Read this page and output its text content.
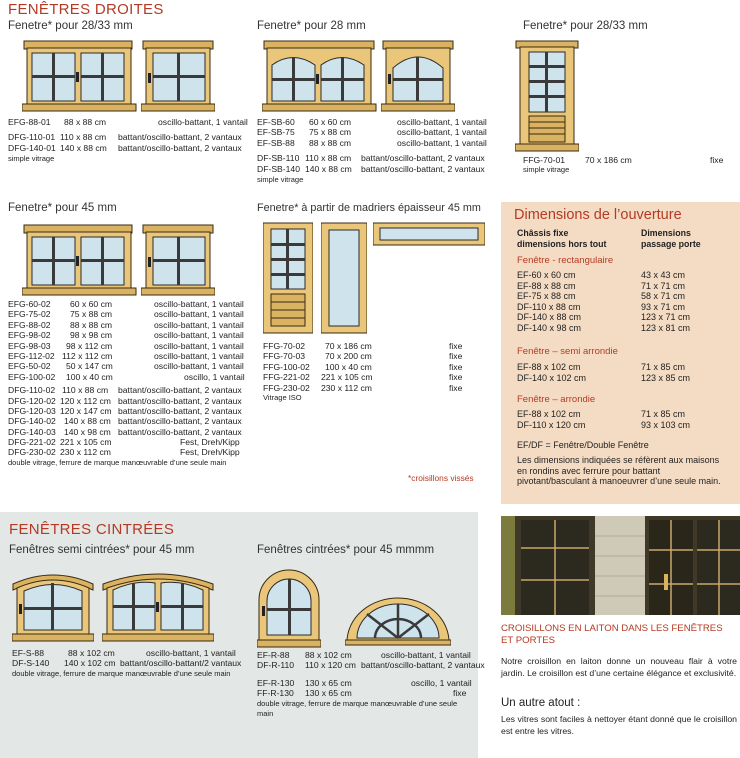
FENÊTRES DROITES
Fenetre* pour 28/33 mm
EFG-88-01 88 x 88 cm	oscillo-battant, 1 vantail
DFG-110-01 110 x 88 cm battant/oscillo-battant, 2 vantaux
DFG-140-01 140 x 88 cm battant/oscillo-battant, 2 vantaux
simple vitrage
Fenetre* pour 28 mm
EF-SB-60 60 x 60 cm	oscillo-battant, 1 vantail
EF-SB-75 75 x 88 cm	oscillo-battant, 1 vantail
EF-SB-88 88 x 88 cm	oscillo-battant, 1 vantail
DF-SB-110 110 x 88 cm battant/oscillo-battant, 2 vantaux
DF-SB-140 140 x 88 cm battant/oscillo-battant, 2 vantaux
simple vitrage
Fenetre* pour 28/33 mm
FFG-70-01 70 x 186 cm	fixe
simple vitrage
Fenetre* pour 45 mm
EFG-60-02 60 x 60 cm	oscillo-battant, 1 vantail
EFG-75-02 75 x 88 cm	oscillo-battant, 1 vantail
EFG-88-02 88 x 88 cm	oscillo-battant, 1 vantail
EFG-98-02 98 x 98 cm	oscillo-battant, 1 vantail
EFG-98-03 98 x 112 cm	oscillo-battant, 1 vantail
EFG-112-02 112 x 112 cm	oscillo-battant, 1 vantail
EFG-50-02 50 x 147 cm	oscillo-battant, 1 vantail
EFG-100-02 100 x 40 cm	oscillo, 1 vantail
DFG-110-02 110 x 88 cm battant/oscillo-battant, 2 vantaux
DFG-120-02 120 x 112 cm battant/oscillo-battant, 2 vantaux
DFG-120-03 120 x 147 cm battant/oscillo-battant, 2 vantaux
DFG-140-02 140 x 88 cm battant/oscillo-battant, 2 vantaux
DFG-140-03 140 x 98 cm battant/oscillo-battant, 2 vantaux
DFG-221-02 221 x 105 cm	Fest, Dreh/Kipp
DFG-230-02 230 x 112 cm	Fest, Dreh/Kipp
double vitrage, ferrure de marque manœuvrable d’une seule main
Fenetre* à partir de madriers épaisseur 45 mm
FFG-70-02 70 x 186 cm	fixe
FFG-70-03 70 x 200 cm	fixe
FFG-100-02 100 x 40 cm	fixe
FFG-221-02 221 x 105 cm	fixe
FFG-230-02 230 x 112 cm	fixe
Vitrage ISO
*croisillons vissés
Dimensions de l’ouverture
Châssis fixe
dimensions hors tout
Dimensions
passage porte
Fenêtre - rectangulaire
EF-60 x 60 cm	43 x 43 cm
EF-88 x 88 cm	71 x 71 cm
EF-75 x 88 cm	58 x 71 cm
DF-110 x 88 cm	93 x 71 cm
DF-140 x 88 cm	123 x 71 cm
DF-140 x 98 cm	123 x 81 cm
Fenêtre – semi arrondie
EF-88 x 102 cm	71 x 85 cm
DF-140 x 102 cm	123 x 85 cm
Fenêtre – arrondie
EF-88 x 102 cm	71 x 85 cm
DF-110 x 120 cm	93 x 103 cm
EF/DF = Fenêtre/Double Fenêtre
Les dimensions indiquées se réfèrent aux maisons en rondins avec ferrure pour battant pivotant/basculant à manoeuvrer d’une seule main.
FENÊTRES CINTRÉES
Fenêtres semi cintrées* pour 45 mm	Fenêtres cintrées* pour 45 mmmm
EF-S-88	88 x 102 cm	oscillo-battant, 1 vantail
DF-S-140 140 x 102 cm battant/oscillo-battant/2 vantaux
double vitrage, ferrure de marque manœuvrable d’une seule main
EF-R-88 88 x 102 cm	oscillo-battant, 1 vantail
DF-R-110 110 x 120 cm battant/oscillo-battant, 2 vantaux
EF-R-130 130 x 65 cm	oscillo, 1 vantail
FF-R-130 130 x 65 cm	fixe
double vitrage, ferrure de marque manœuvrable d’une seule
main
CROISILLONS EN LAITON DANS LES FENÊTRES ET PORTES
Notre croisillon en laiton donne un nouveau flair à votre jardin. Le croisillon est d’une certaine élégance et exclusivité.
Un autre atout :
Les vitres sont faciles à nettoyer étant donné que le croisillon est entre les vitres.
